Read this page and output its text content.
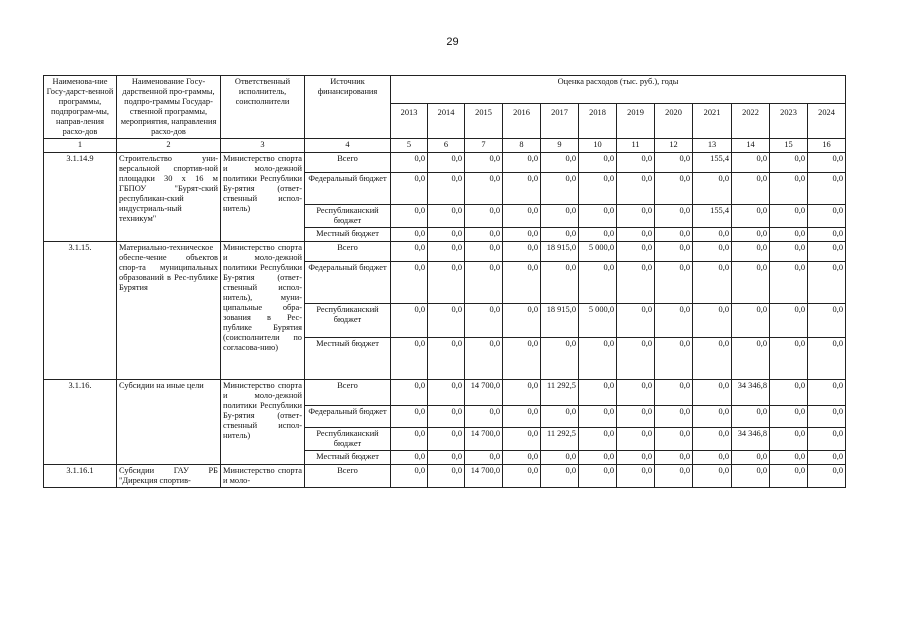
29
Наименова-ние Госу-дарст-венной программы, подпрограм-мы, направ-ления расхо-дов	Наименование Госу-дарственной про-граммы, подпро-граммы Государ-ственной программы, мероприятия, направления расхо-дов	Ответственный исполнитель, соисполнители	Источник финансирования	Оценка расходов (тыс. руб.), годы											
				2013	2014	2015	2016	2017	2018	2019	2020	2021	2022	2023	2024
1	2	3	4	5	6	7	8	9	10	11	12	13	14	15	16
3.1.14.9	Строительство уни-версальной спортив-ной площадки 30 х 16 м ГБПОУ "Бурят-ский республикан-ский индустриаль-ный техникум"	Министерство спорта и моло-дежной политики Республики Бу-рятия (ответ-ственный испол-нитель)	Всего	0,0	0,0	0,0	0,0	0,0	0,0	0,0	0,0	155,4	0,0	0,0	0,0
			Федеральный бюджет	0,0	0,0	0,0	0,0	0,0	0,0	0,0	0,0	0,0	0,0	0,0	0,0
			Республиканский бюджет	0,0	0,0	0,0	0,0	0,0	0,0	0,0	0,0	155,4	0,0	0,0	0,0
			Местный бюджет	0,0	0,0	0,0	0,0	0,0	0,0	0,0	0,0	0,0	0,0	0,0	0,0
3.1.15.	Материально-техническое обеспе-чение объектов спор-та муниципальных образований в Рес-публике Бурятия	Министерство спорта и моло-дежной политики Республики Бу-рятия (ответ-ственный испол-нитель), муни-ципальные обра-зования в Рес-публике Бурятия (соисполнители по согласова-нию)	Всего	0,0	0,0	0,0	0,0	18 915,0	5 000,0	0,0	0,0	0,0	0,0	0,0	0,0
			Федеральный бюджет	0,0	0,0	0,0	0,0	0,0	0,0	0,0	0,0	0,0	0,0	0,0	0,0
			Республиканский бюджет	0,0	0,0	0,0	0,0	18 915,0	5 000,0	0,0	0,0	0,0	0,0	0,0	0,0
			Местный бюджет	0,0	0,0	0,0	0,0	0,0	0,0	0,0	0,0	0,0	0,0	0,0	0,0
3.1.16.	Субсидии на иные цели	Министерство спорта и моло-дежной политики Республики Бу-рятия (ответ-ственный испол-нитель)	Всего	0,0	0,0	14 700,0	0,0	11 292,5	0,0	0,0	0,0	0,0	34 346,8	0,0	0,0
			Федеральный бюджет	0,0	0,0	0,0	0,0	0,0	0,0	0,0	0,0	0,0	0,0	0,0	0,0
			Республиканский бюджет	0,0	0,0	14 700,0	0,0	11 292,5	0,0	0,0	0,0	0,0	34 346,8	0,0	0,0
			Местный бюджет	0,0	0,0	0,0	0,0	0,0	0,0	0,0	0,0	0,0	0,0	0,0	0,0
3.1.16.1	Субсидии ГАУ РБ "Дирекция спортив-	Министерство спорта и моло-	Всего	0,0	0,0	14 700,0	0,0	0,0	0,0	0,0	0,0	0,0	0,0	0,0	0,0
